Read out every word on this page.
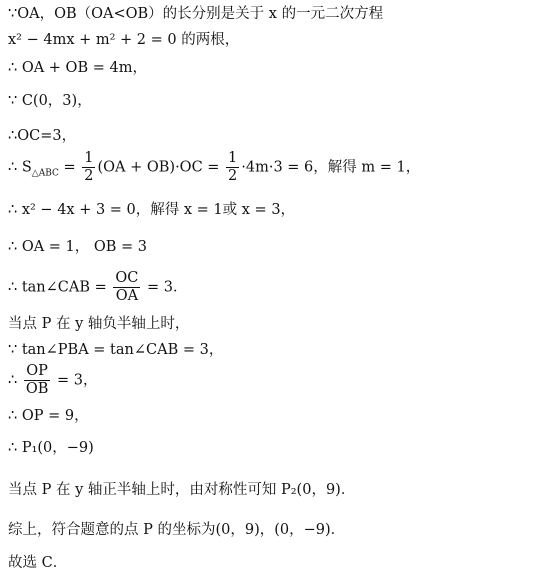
∵OA，OB（OA<OB）的长分别是关于 x 的一元二次方程
x² − 4mx + m² + 2 = 0 的两根，
∴ OA + OB = 4m，
∵ C(0，3)，
∴OC=3，
∴ $S_{\triangle ABC} = \frac{1}{2} (OA + OB)\cdot OC = \frac{1}{2} \cdot 4m\cdot 3 = 6$，解得 m = 1，
∴ x² − 4x + 3 = 0，解得 x = 1或 x = 3，
∴ OA = 1， OB = 3
∴ tan∠CAB = $\frac{OC}{OA} = 3$．
当点 P 在 y 轴负半轴上时，
∵ tan∠PBA = tan∠CAB = 3，
∴ $\frac{OP}{OB} = 3$，
∴ OP = 9，
∴ P₁(0，−9)
当点 P 在 y 轴正半轴上时，由对称性可知 P₂(0，9)．
综上，符合题意的点 P 的坐标为(0，9)，(0，−9)．
故选 C．
